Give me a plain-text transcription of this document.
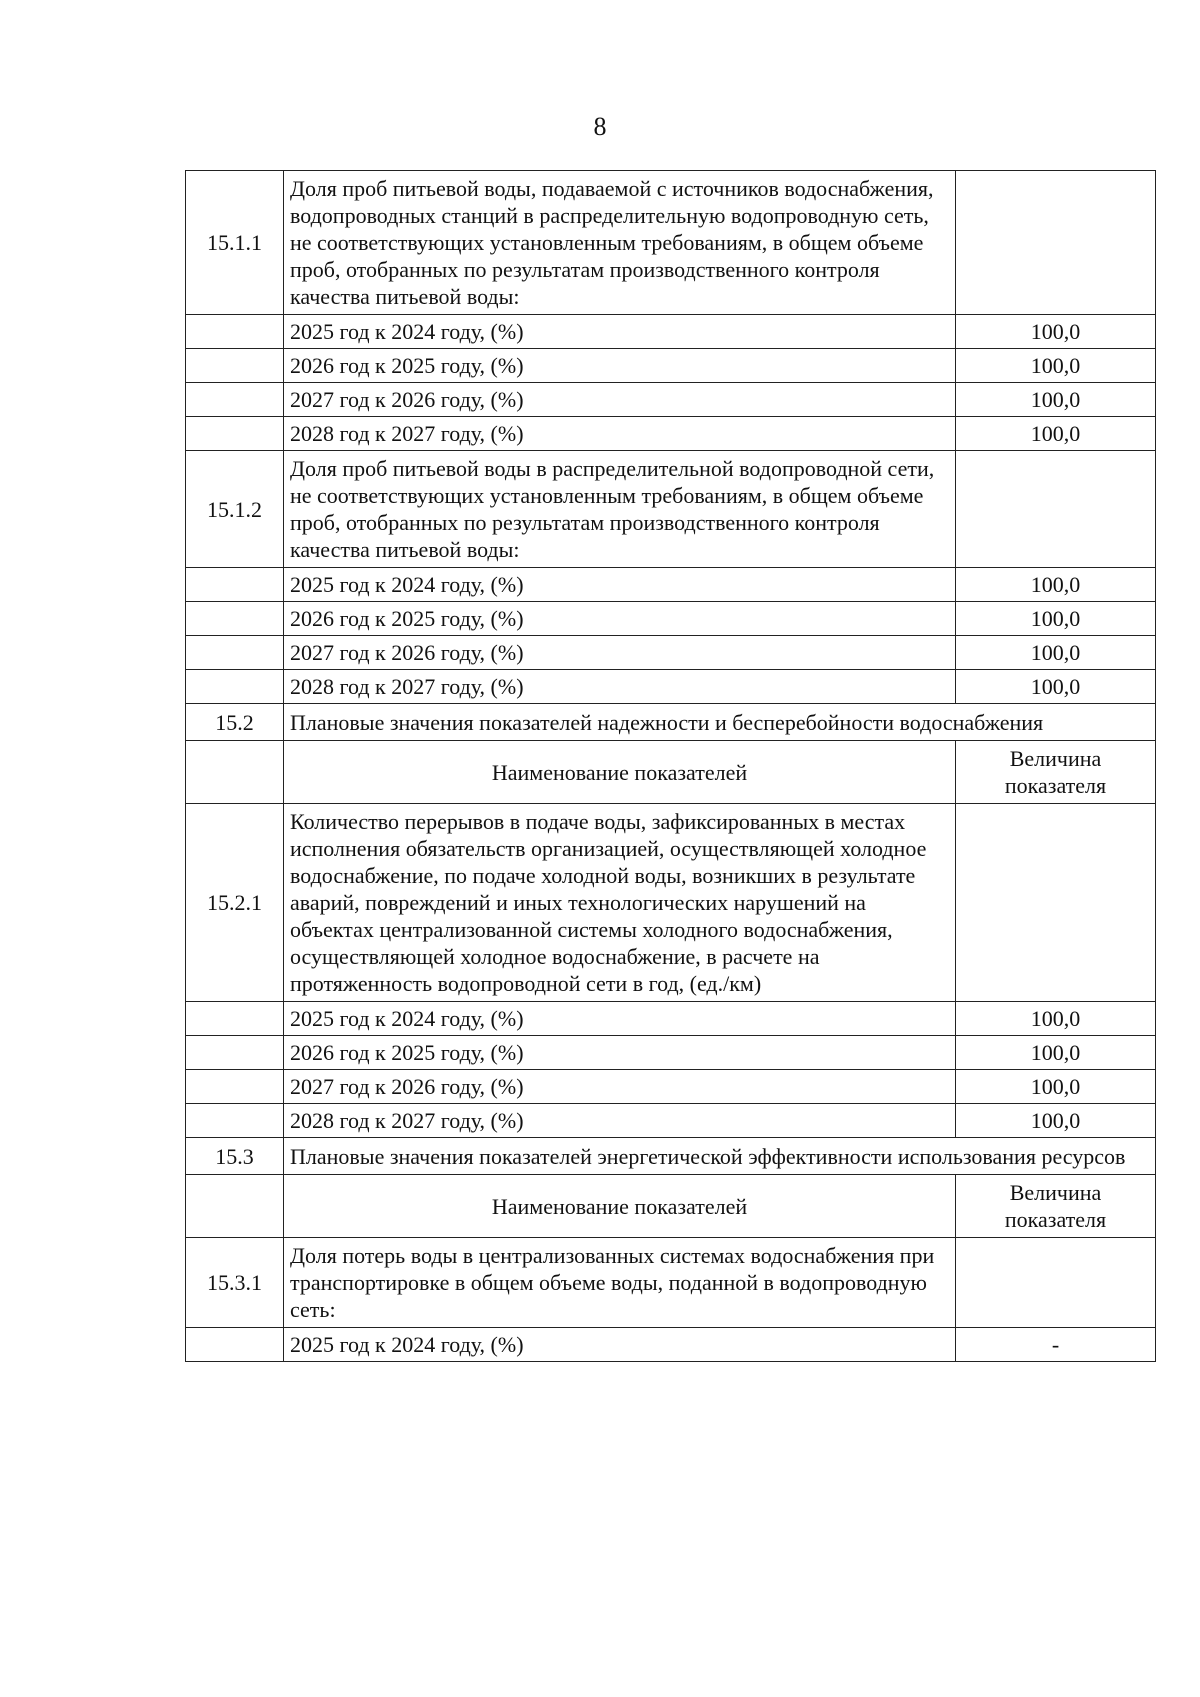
8
15.1.1	Доля проб питьевой воды, подаваемой с источников водоснабжения, водопроводных станций в распределительную водопроводную сеть, не соответствующих установленным требованиям, в общем объеме проб, отобранных по результатам производственного контроля качества питьевой воды:	
	2025 год к 2024 году, (%)	100,0
	2026 год к 2025 году, (%)	100,0
	2027 год к 2026 году, (%)	100,0
	2028 год к 2027 году, (%)	100,0
15.1.2	Доля проб питьевой воды в распределительной водопроводной сети, не соответствующих установленным требованиям, в общем объеме проб, отобранных по результатам производственного контроля качества питьевой воды:	
	2025 год к 2024 году, (%)	100,0
	2026 год к 2025 году, (%)	100,0
	2027 год к 2026 году, (%)	100,0
	2028 год к 2027 году, (%)	100,0
15.2	Плановые значения показателей надежности и бесперебойности водоснабжения	
	Наименование показателей	Величина показателя
15.2.1	Количество перерывов в подаче воды, зафиксированных в местах исполнения обязательств организацией, осуществляющей холодное водоснабжение, по подаче холодной воды, возникших в результате аварий, повреждений и иных технологических нарушений на объектах централизованной системы холодного водоснабжения, осуществляющей холодное водоснабжение, в расчете на протяженность водопроводной сети в год, (ед./км)	
	2025 год к 2024 году, (%)	100,0
	2026 год к 2025 году, (%)	100,0
	2027 год к 2026 году, (%)	100,0
	2028 год к 2027 году, (%)	100,0
15.3	Плановые значения показателей энергетической эффективности использования ресурсов	
	Наименование показателей	Величина показателя
15.3.1	Доля потерь воды в централизованных системах водоснабжения при транспортировке в общем объеме воды, поданной в водопроводную сеть:	
	2025 год к 2024 году, (%)	-
